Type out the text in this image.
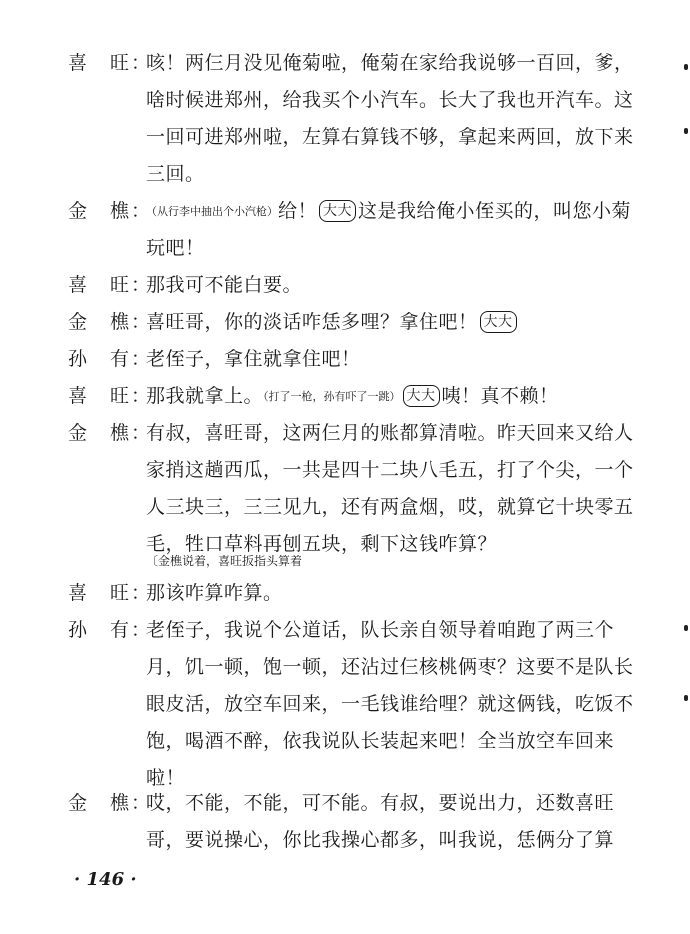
喜　旺：
咳！两仨月没见俺菊啦，俺菊在家给我说够一百回，爹，啥时候进郑州，给我买个小汽车。长大了我也开汽车。这一回可进郑州啦，左算右算钱不够，拿起来两回，放下来三回。
金　樵：
（从行李中抽出个小汽枪）给！ 大大 这是我给俺小侄买的，叫您小菊玩吧！
喜　旺：
那我可不能白要。
金　樵：
喜旺哥，你的淡话咋恁多哩？拿住吧！ 大大
孙　有：
老侄子，拿住就拿住吧！
喜　旺：
那我就拿上。（打了一枪，孙有吓了一跳） 大大 咦！真不赖！
金　樵：
有叔，喜旺哥，这两仨月的账都算清啦。昨天回来又给人家捎这趟西瓜，一共是四十二块八毛五，打了个尖，一个人三块三，三三见九，还有两盒烟，哎，就算它十块零五毛，牲口草料再刨五块，剩下这钱咋算？
〔金樵说着，喜旺扳指头算着
喜　旺：
那该咋算咋算。
孙　有：
老侄子，我说个公道话，队长亲自领导着咱跑了两三个月，饥一顿，饱一顿，还沾过仨核桃俩枣？这要不是队长眼皮活，放空车回来，一毛钱谁给哩？就这俩钱，吃饭不饱，喝酒不醉，依我说队长装起来吧！全当放空车回来啦！
金　樵：
哎，不能，不能，可不能。有叔，要说出力，还数喜旺哥，要说操心，你比我操心都多，叫我说，恁俩分了算
· 146 ·
